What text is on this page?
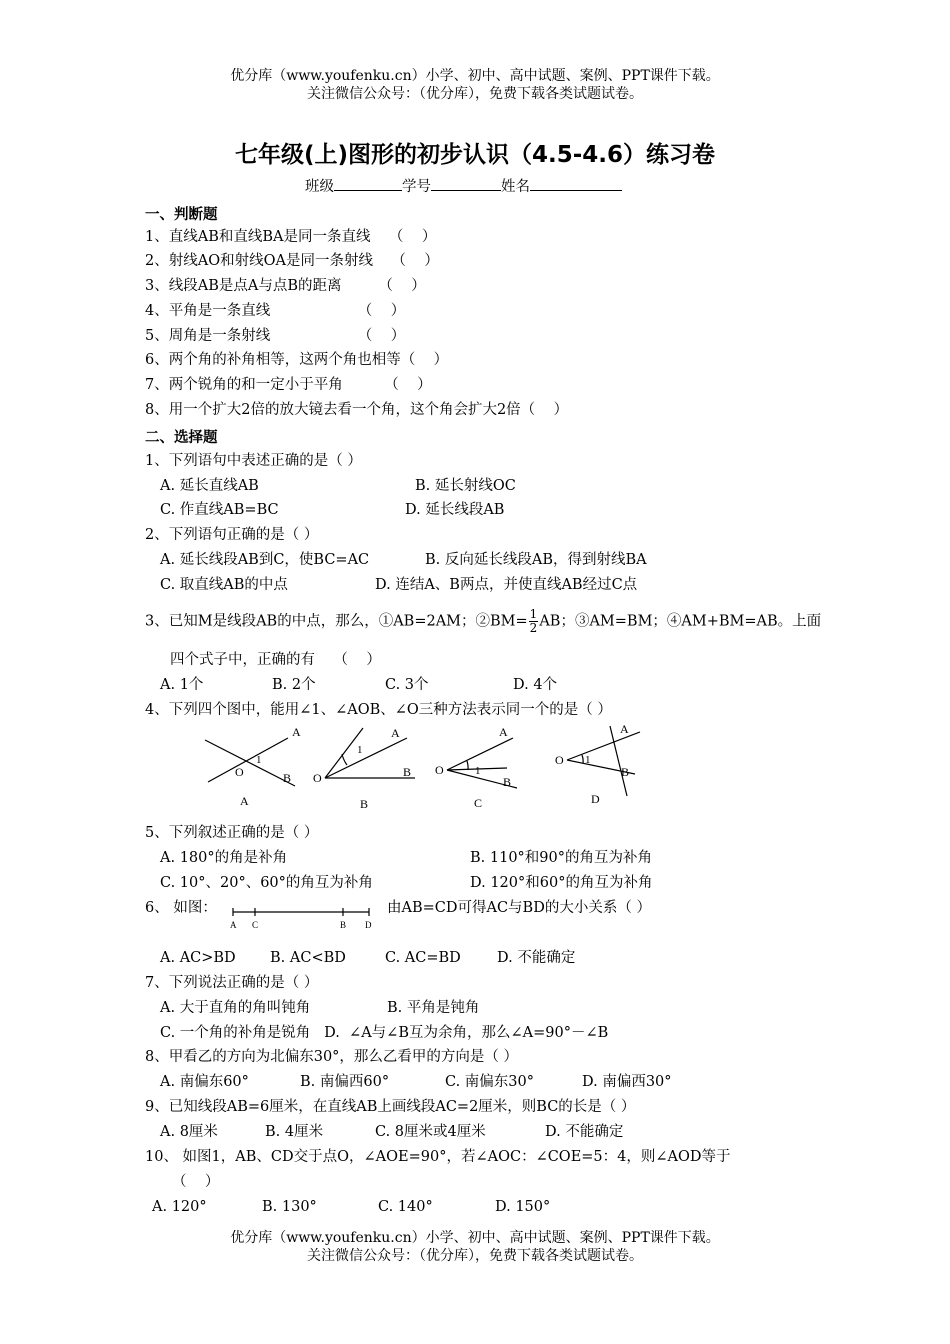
优分库（www.youfenku.cn）小学、初中、高中试题、案例、PPT课件下载。
关注微信公众号：（优分库），免费下载各类试题试卷。
七年级(上)图形的初步认识（4.5-4.6）练习卷
班级	学号	姓名
一、判断题
1、直线AB和直线BA是同一条直线    （    ）
2、射线AO和射线OA是同一条射线    （    ）
3、线段AB是点A与点B的距离        （    ）
4、平角是一条直线                   （    ）
5、周角是一条射线                   （    ）
6、两个角的补角相等，这两个角也相等（    ）
7、两个锐角的和一定小于平角         （    ）
8、用一个扩大2倍的放大镜去看一个角，这个角会扩大2倍（    ）
二、选择题
1、下列语句中表述正确的是（ ）
A. 延长直线AB	B. 延长射线OC
C. 作直线AB=BC	D. 延长线段AB
2、下列语句正确的是（ ）
A. 延长线段AB到C，使BC=AC	B. 反向延长线段AB，得到射线BA
C. 取直线AB的中点	D. 连结A、B两点，并使直线AB经过C点
3、已知M是线段AB的中点，那么，①AB=2AM；②BM= $\frac{1}{2}$ AB；③AM=BM；④AM+BM=AB。上面
四个式子中，正确的有    （    ）
A. 1个	B. 2个	C. 3个	D. 4个
4、下列四个图中，能用∠1、∠AOB、∠O三种方法表示同一个的是（ ）
A
B
O
1
A
A
B
O
1
B
A
B
O	1
C
A
B
O 1
D
5、下列叙述正确的是（ ）
A. 180°的角是补角	B. 110°和90°的角互为补角
C. 10°、20°、60°的角互为补角	D. 120°和60°的角互为补角
6、 如图：
A C	B D
由AB=CD可得AC与BD的大小关系（ ）
A. AC>BD B. AC<BD	C. AC=BD D. 不能确定
7、下列说法正确的是（ ）
A. 大于直角的角叫钝角	B. 平角是钝角
C. 一个角的补角是锐角   D.  ∠A与∠B互为余角，那么∠A=90°－∠B
8、甲看乙的方向为北偏东30°，那么乙看甲的方向是（ ）
A. 南偏东60°	B. 南偏西60°	C. 南偏东30°	D. 南偏西30°
9、已知线段AB=6厘米，在直线AB上画线段AC=2厘米，则BC的长是（ ）
A. 8厘米	B. 4厘米	C. 8厘米或4厘米	D. 不能确定
10、 如图1，AB、CD交于点O，∠AOE=90°，若∠AOC：∠COE=5：4，则∠AOD等于
（    ）
A. 120°	B. 130°	C. 140°	D. 150°
优分库（www.youfenku.cn）小学、初中、高中试题、案例、PPT课件下载。
关注微信公众号：（优分库），免费下载各类试题试卷。
